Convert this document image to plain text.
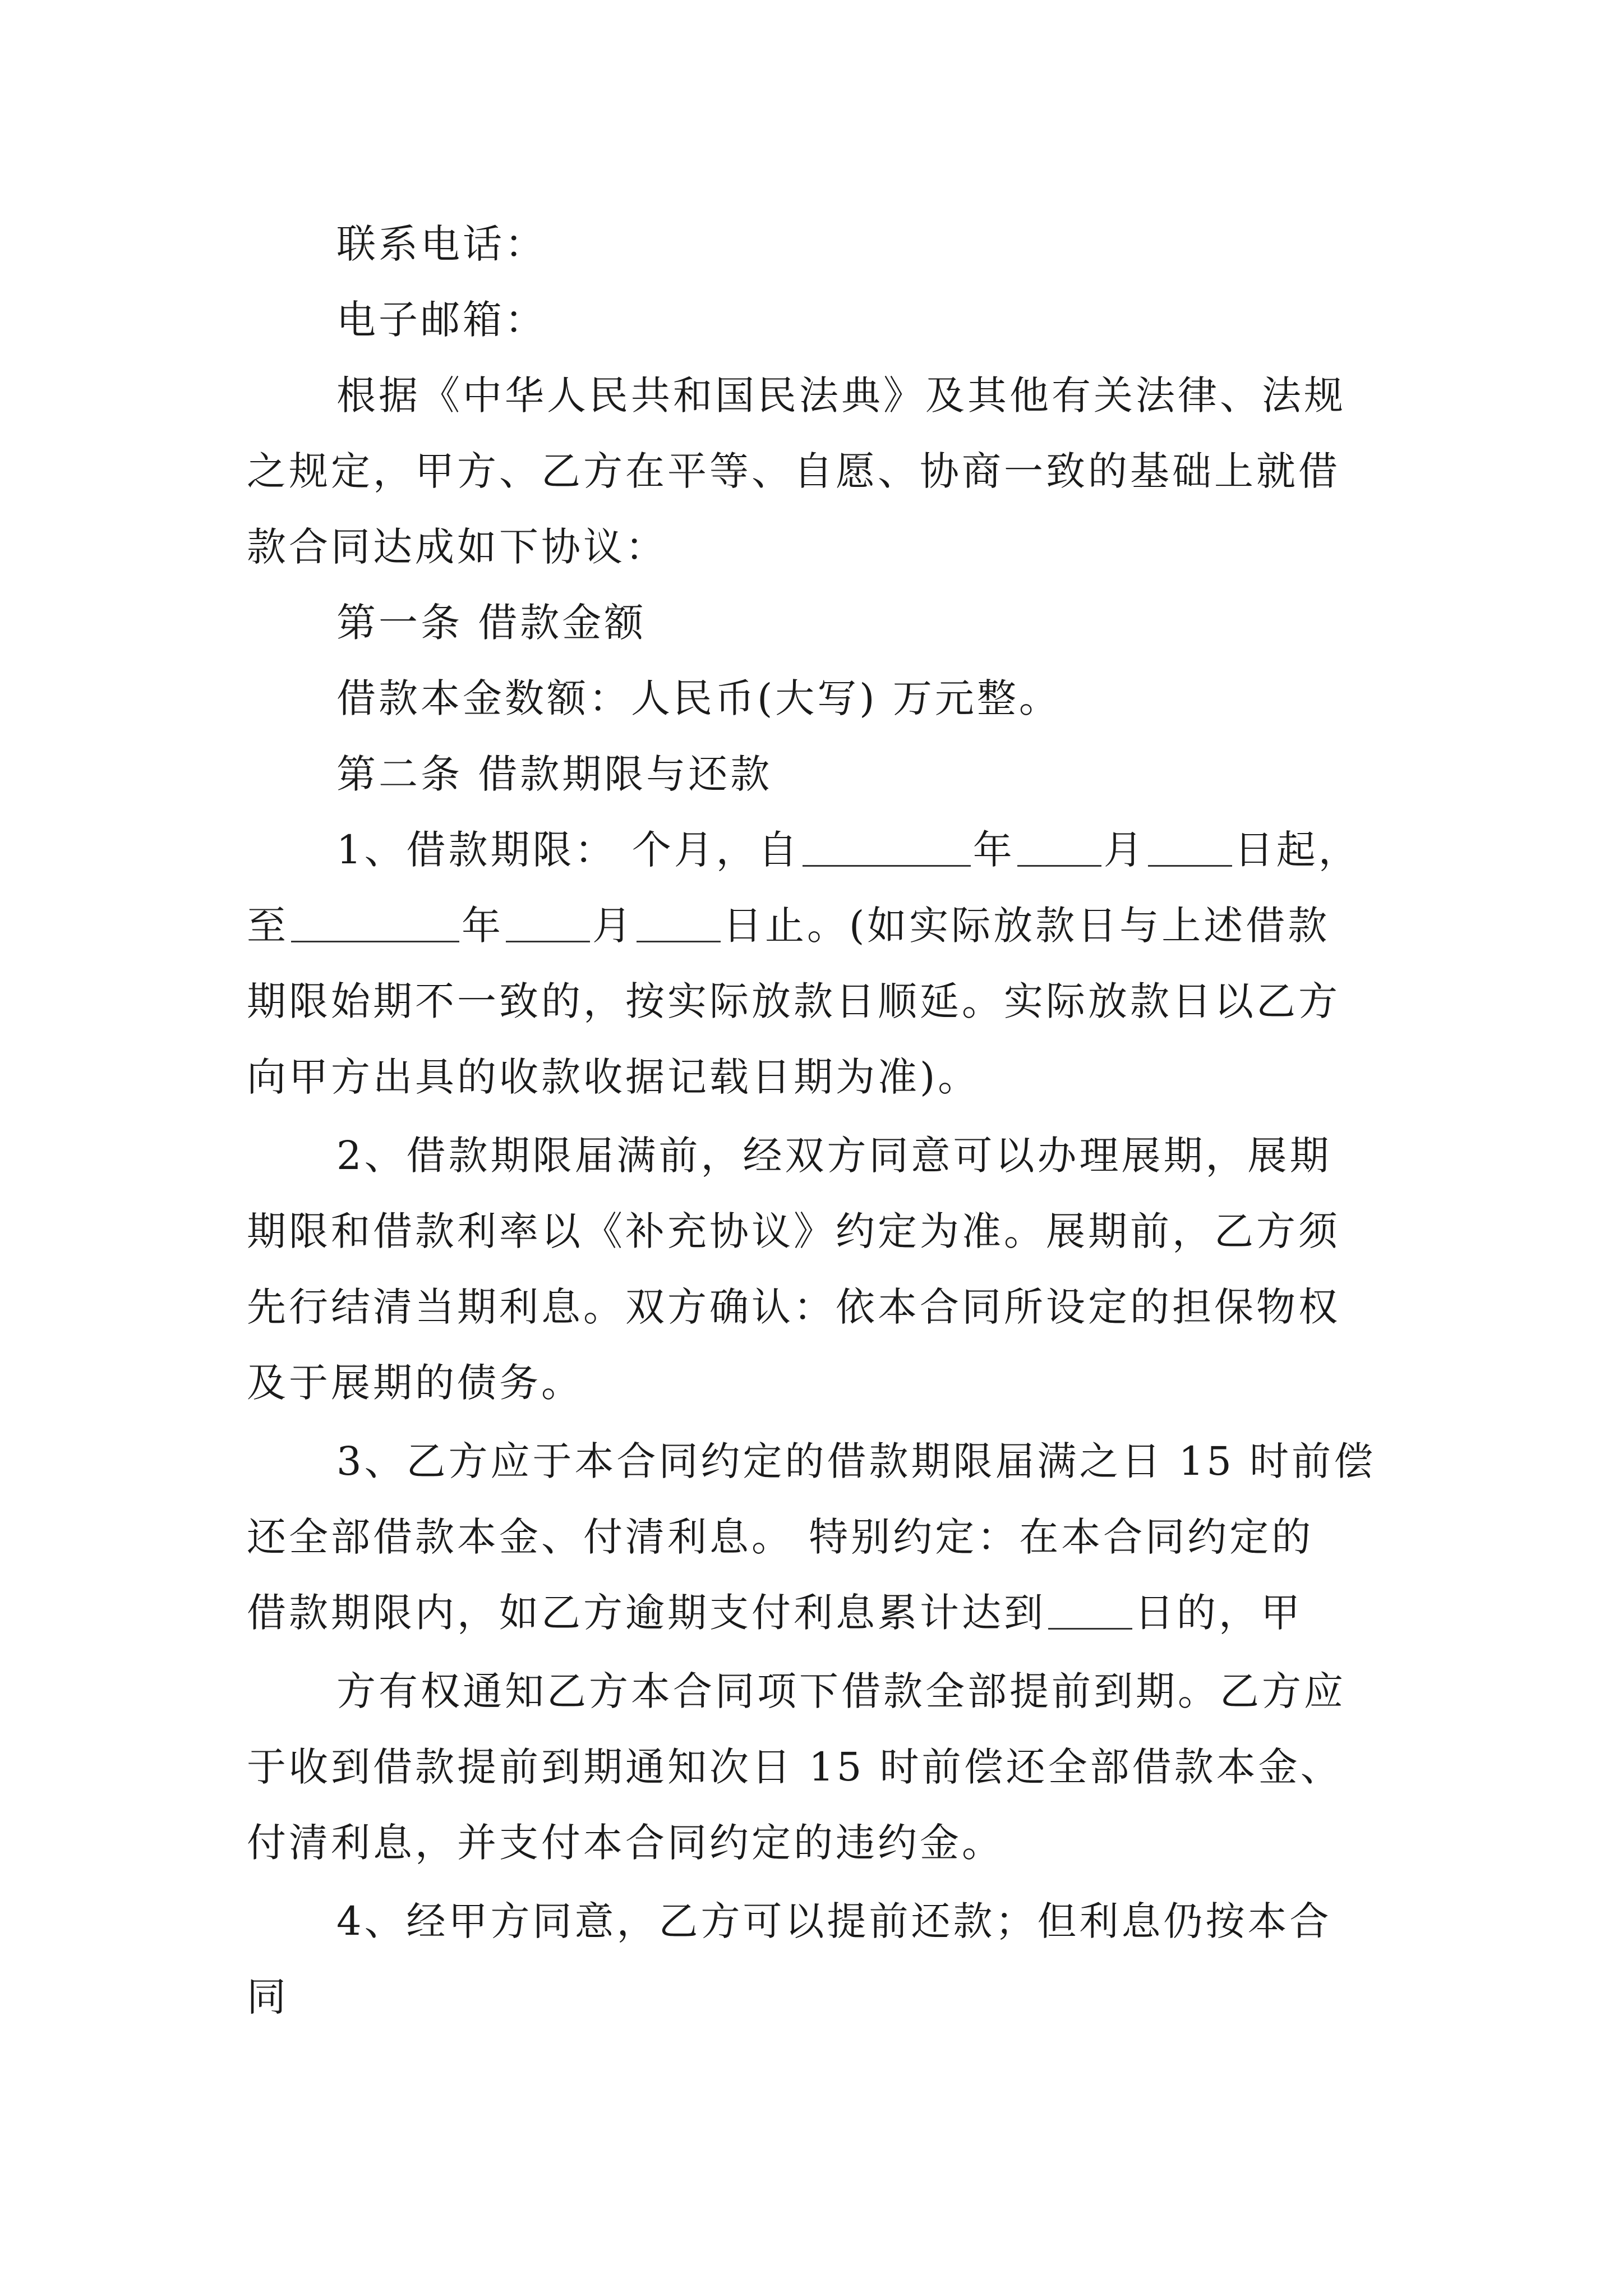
联系电话：
电子邮箱：
根据《中华人民共和国民法典》及其他有关法律、法规
之规定，甲方、乙方在平等、自愿、协商一致的基础上就借
款合同达成如下协议：
第一条 借款金额
借款本金数额：人民币(大写) 万元整。
第二条 借款期限与还款
1、借款期限： 个月，自	年 月 日起，
至	年 月 日止。(如实际放款日与上述借款
期限始期不一致的，按实际放款日顺延。实际放款日以乙方
向甲方出具的收款收据记载日期为准)。
2、借款期限届满前，经双方同意可以办理展期，展期
期限和借款利率以《补充协议》约定为准。展期前，乙方须
先行结清当期利息。双方确认：依本合同所设定的担保物权
及于展期的债务。
3、乙方应于本合同约定的借款期限届满之日 15 时前偿
还全部借款本金、付清利息。 特别约定：在本合同约定的
借款期限内，如乙方逾期支付利息累计达到 日的，甲
方有权通知乙方本合同项下借款全部提前到期。乙方应
于收到借款提前到期通知次日 15 时前偿还全部借款本金、
付清利息，并支付本合同约定的违约金。
4、经甲方同意，乙方可以提前还款；但利息仍按本合
同
